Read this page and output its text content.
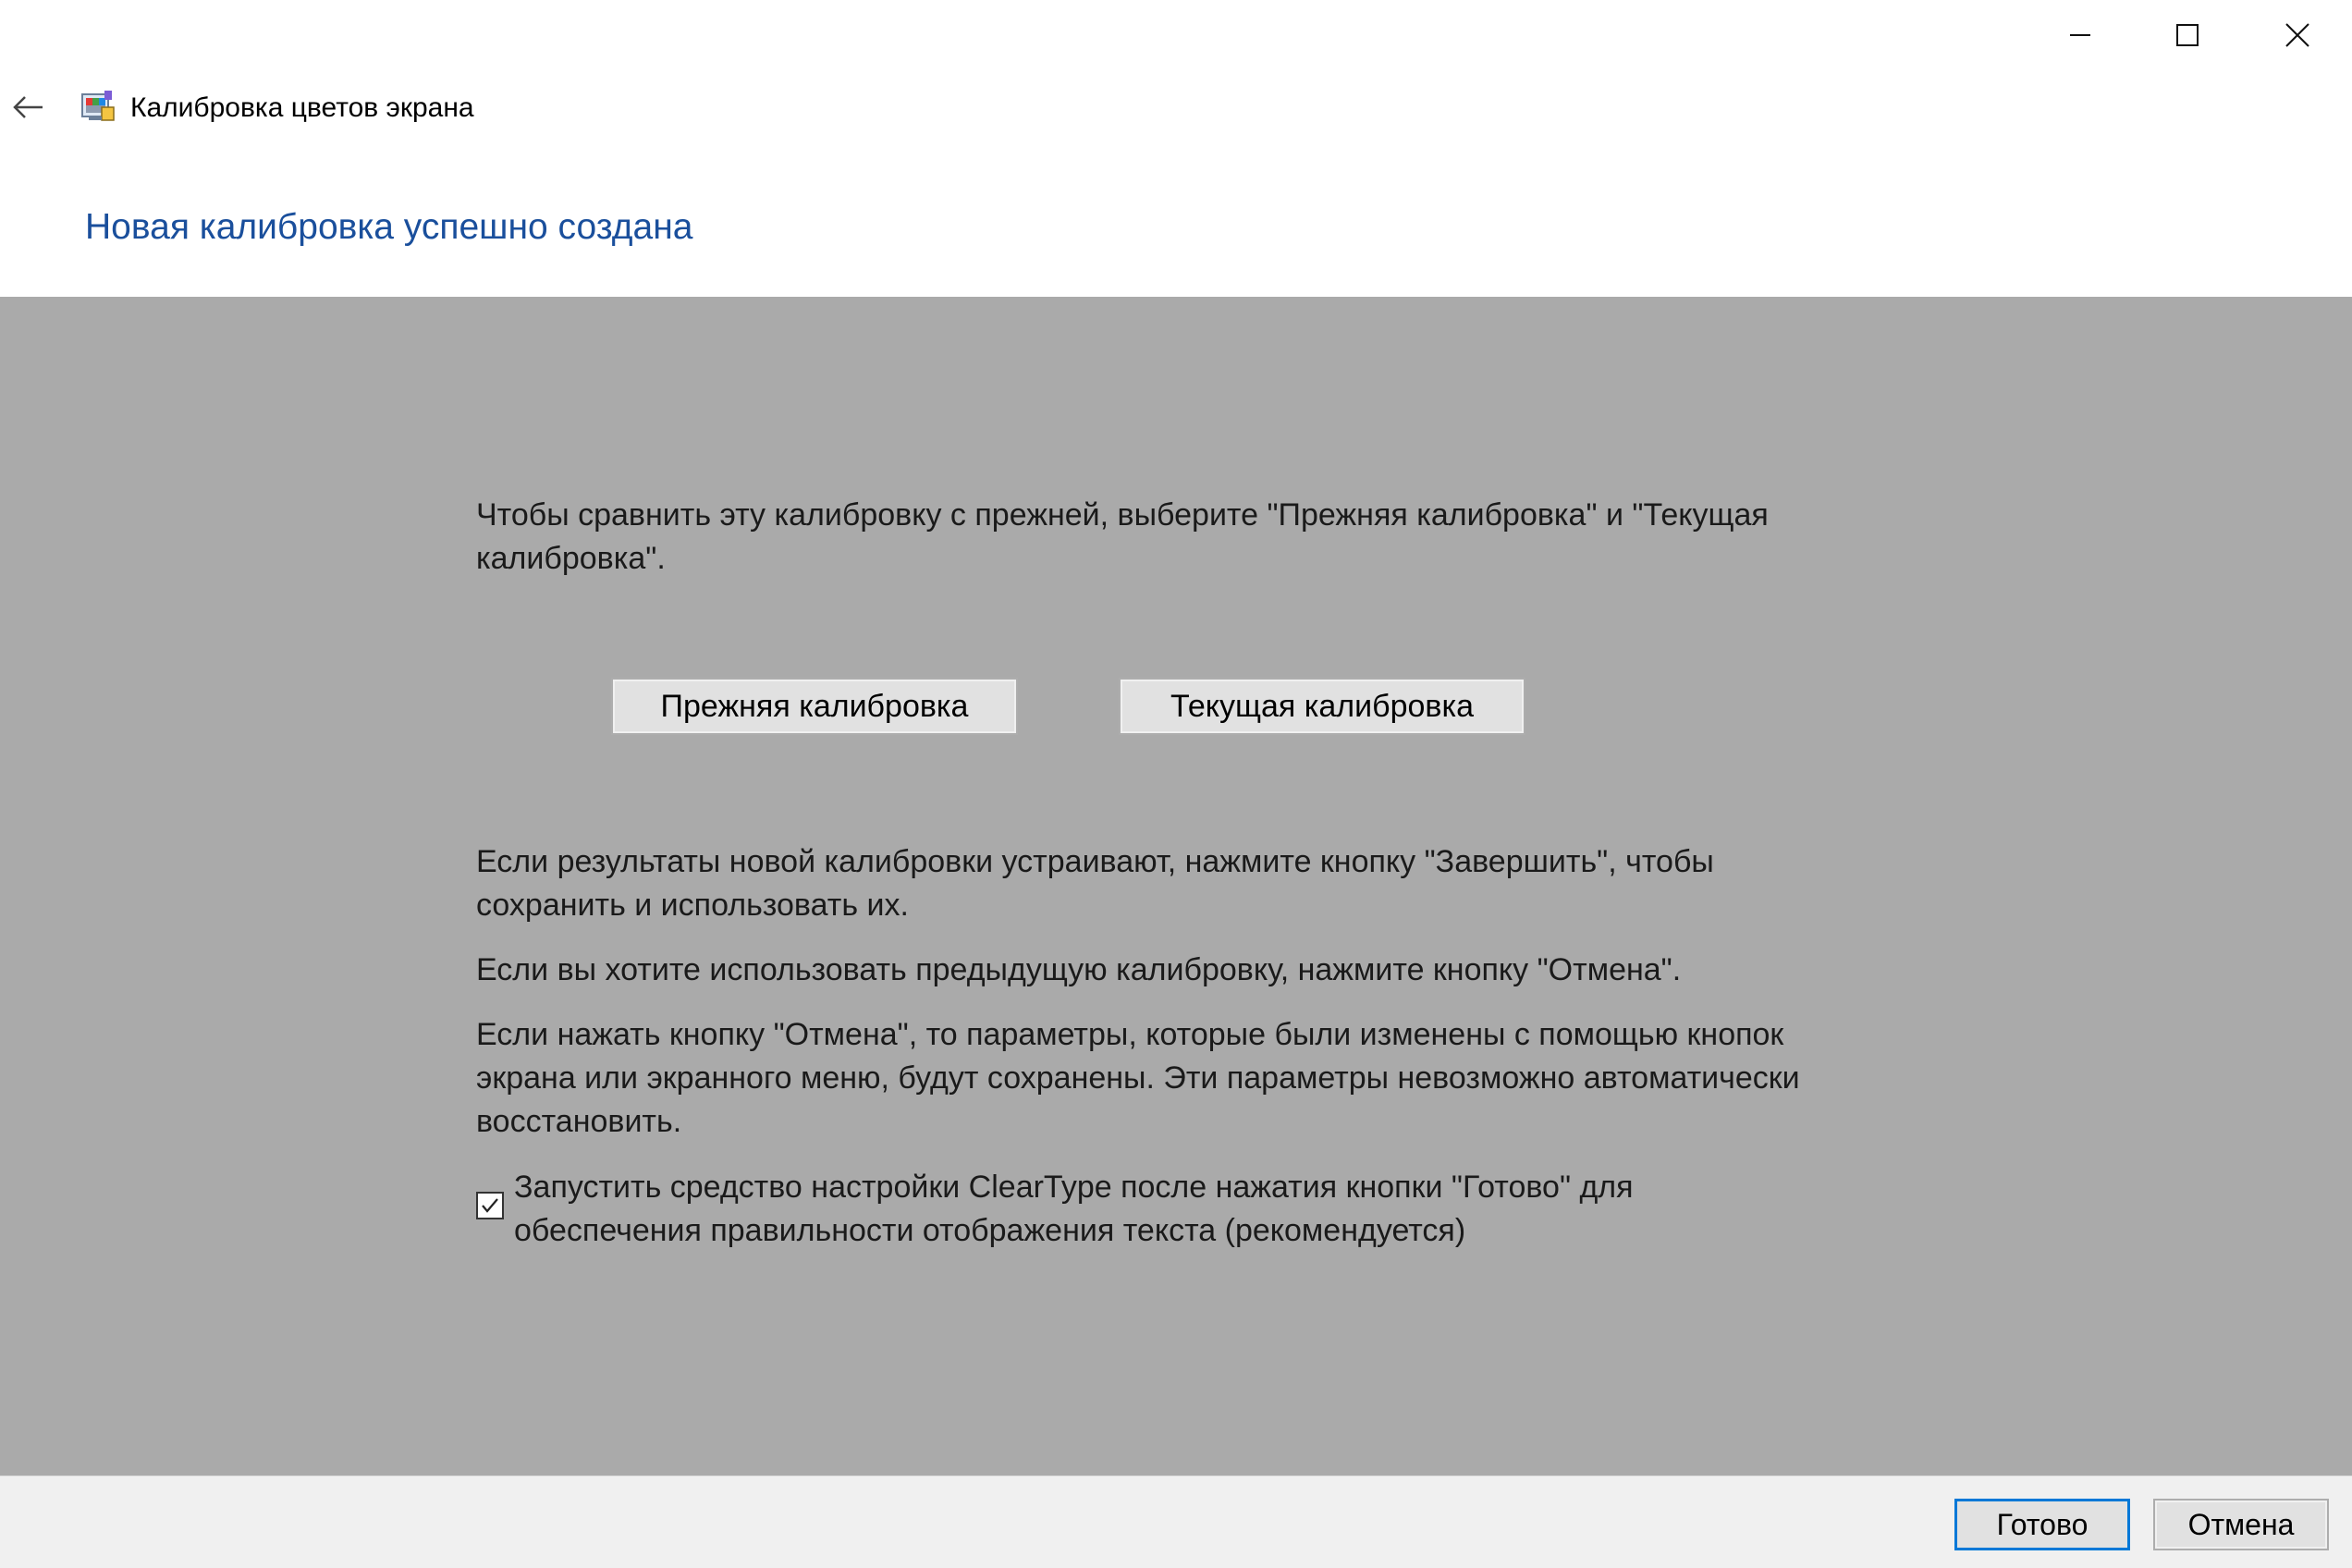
Калибровка цветов экрана
Новая калибровка успешно создана
Чтобы сравнить эту калибровку с прежней, выберите "Прежняя калибровка" и "Текущая калибровка".
Прежняя калибровка	Текущая калибровка
Если результаты новой калибровки устраивают, нажмите кнопку "Завершить", чтобы сохранить и использовать их.
Если вы хотите использовать предыдущую калибровку, нажмите кнопку "Отмена".
Если нажать кнопку "Отмена", то параметры, которые были изменены с помощью кнопок экрана или экранного меню, будут сохранены. Эти параметры невозможно автоматически восстановить.
Запустить средство настройки ClearType после нажатия кнопки "Готово" для обеспечения правильности отображения текста (рекомендуется)
Готово	Отмена
